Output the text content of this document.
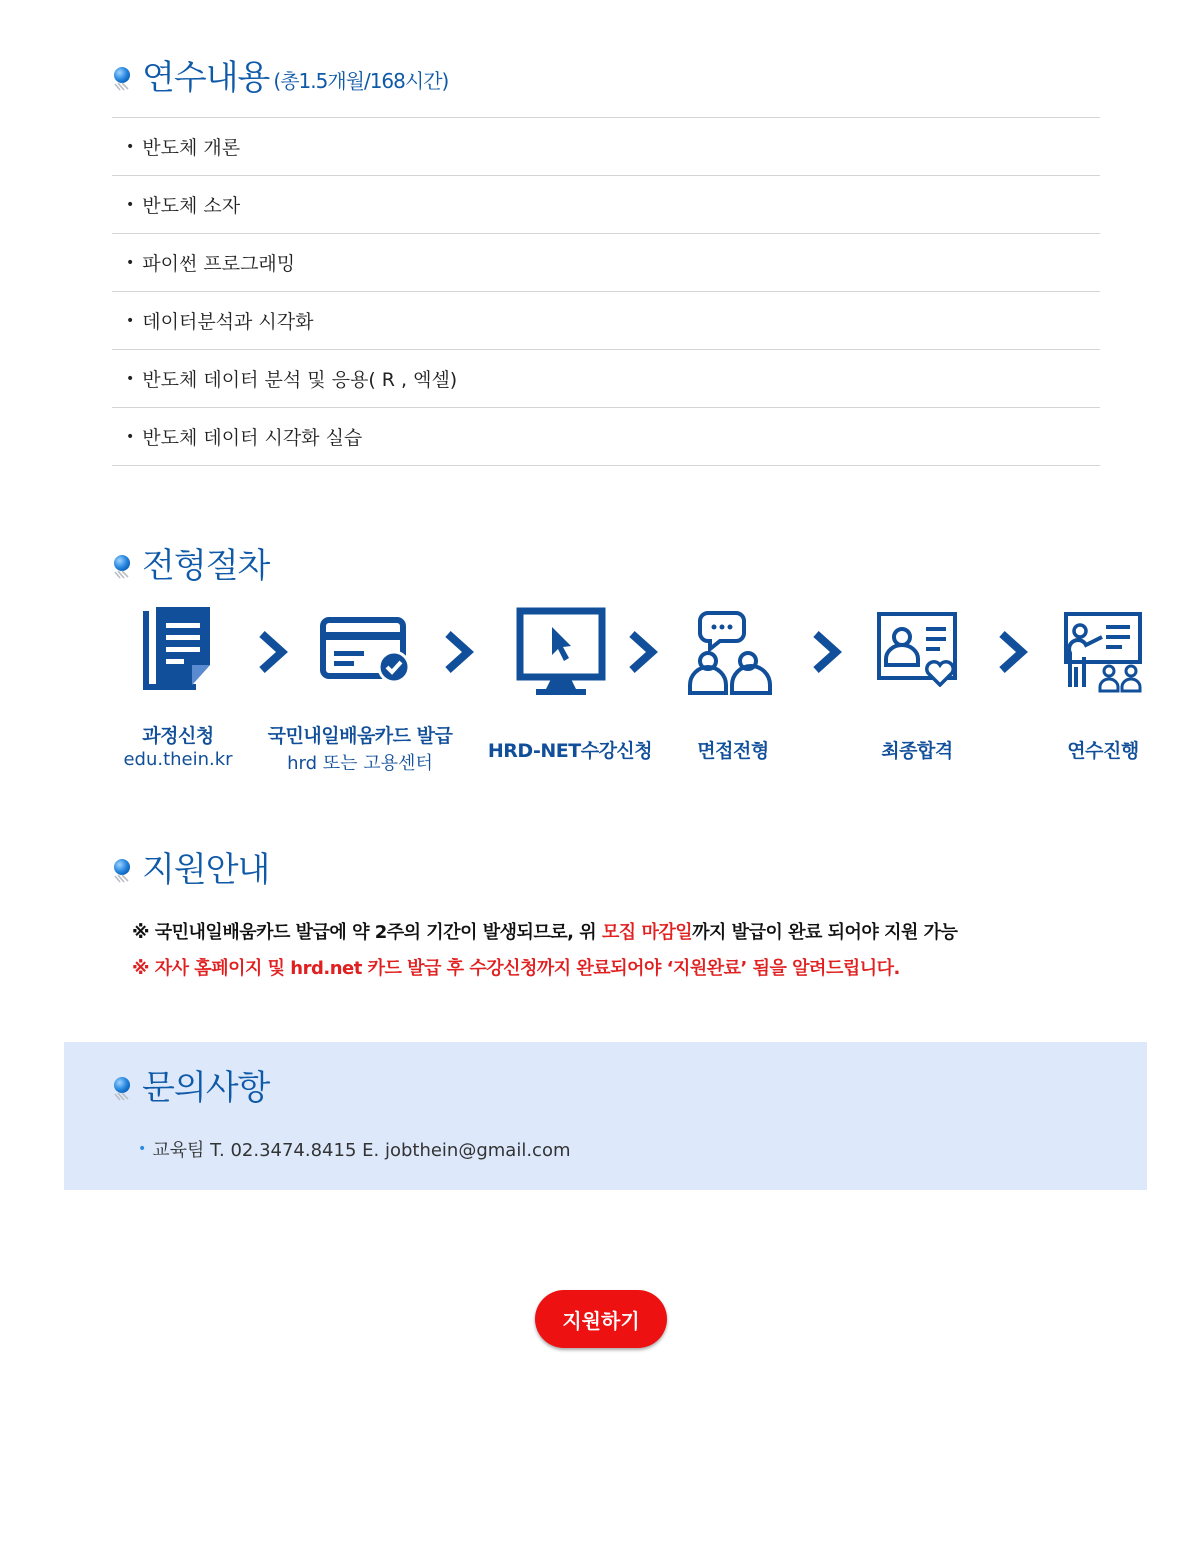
연수내용 (총1.5개월/168시간)
• 반도체 개론
• 반도체 소자
• 파이썬 프로그래밍
• 데이터분석과 시각화
• 반도체 데이터 분석 및 응용( R , 엑셀)
• 반도체 데이터 시각화 실습
전형절차
과정신청
edu.thein.kr
국민내일배움카드 발급
hrd 또는 고용센터
HRD-NET수강신청	면접전형	최종합격	연수진행
지원안내
※ 국민내일배움카드 발급에 약 2주의 기간이 발생되므로, 위 모집 마감일까지 발급이 완료 되어야 지원 가능
※ 자사 홈페이지 및 hrd.net 카드 발급 후 수강신청까지 완료되어야 ‘지원완료’ 됨을 알려드립니다.
문의사항
• 교육팀 T. 02.3474.8415 E. jobthein@gmail.com
지원하기
